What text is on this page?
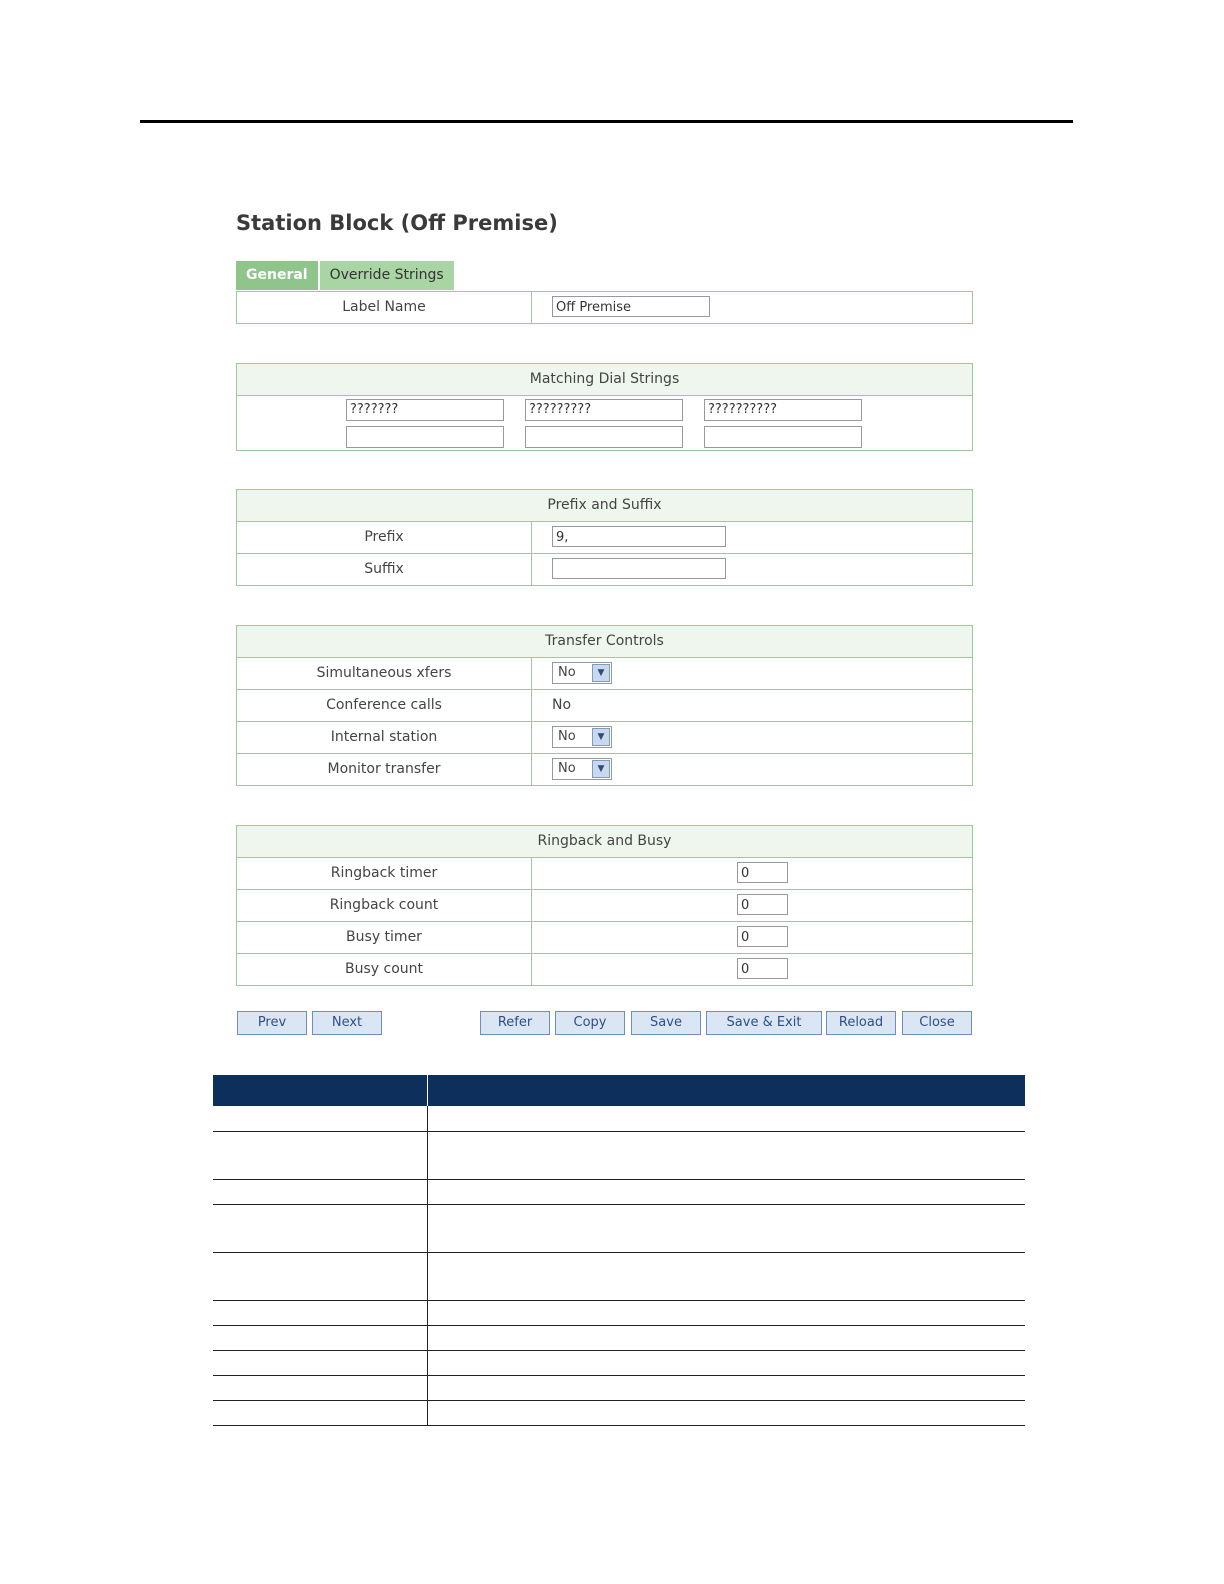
Station Block (Off Premise)
General	Override Strings
Label Name	Off Premise
Matching Dial Strings
???????	?????????	??????????
Prefix and Suffix
Prefix	9,
Suffix
Transfer Controls
Simultaneous xfers	No	▼
Conference calls	No
Internal station	No	▼
Monitor transfer	No	▼
Ringback and Busy
Ringback timer	0
Ringback count	0
Busy timer	0
Busy count	0
Prev	Next	Refer	Copy	Save	Save & Exit	Reload	Close
